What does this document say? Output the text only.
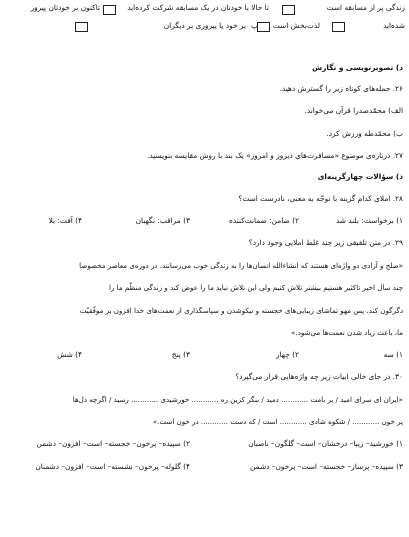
زندگی پر از مسابقه است
تا حالا با خودتان در یک مسابقه شرکت کرده‌اید
تاکنون بر خودتان پیروز
شده‌اید
لذت‌بخش است
پ
بر خود یا پیروزی بر دیگران
د) تصویرنویسی و نگارش
۲۶. جمله‌های کوتاه زیر را گسترش دهید.
الف) محمّدصدرا قرآن می‌خواند.
ب) محمّدطه ورزش کرد.
۲۷. درباره‌ی موضوع «مسافرت‌های دیروز و امروز» یک بند با روش مقایسه بنویسید.
ذ) سؤالات چهارگزینه‌ای
۲۸. املای کدام گزینه با توجّه به معنی، نادرست است؟
۱) برخواست: بلند شد
۲) ضامن: ضمانت‌کننده
۳) مراقب: نگهبان
۴) آفت: بلا
۲۹. در متن تلفیقی زیر چند غلط املایی وجود دارد؟
«صلح و آزادی دو واژه‌ای هستند که انشاءالله انسان‌ها را به زندگی خوب می‌رسانند. در دوره‌ی معاصر مخصوصا
چند سال اخیر تاکثیر هستیم بیشتر تلاش کنیم ولی این تلاش نباید ما را عوض کند و زندگی منظّم ما را
دگرگون کند. پس مهو تماشای زیبایی‌های خجسته و نیکوشدن و سپاسگذاری از نعمت‌های خدا افزون بر موفّقیّت
ما، باعث زیاد شدن نعمت‌ها می‌شود.»
۱) سه
۲) چهار
۳) پنج
۴) شش
۳۰. در جای خالی ابیات زیر چه واژه‌هایی قرار می‌گیرد؟
«ایران ای سرای امید / بر بامت ............ دمید / بنگر کزین ره ............ خورشیدی ............ رسید / اگرچه دل‌ها
پر خون ............ / شکوه شادی ............ است / که دست ............ در خون است.»
۱) خورشید– زیبا– درخشان– است– گلگون– ناصبان
۲) سپیده– پرخون– خجسته– است– افزون– دشمن
۳) سپیده– پرساز– خجسته– است– پرخون– دشمن
۴) گلوله– پرخون– نشسته– است– افزون– دشمنان
